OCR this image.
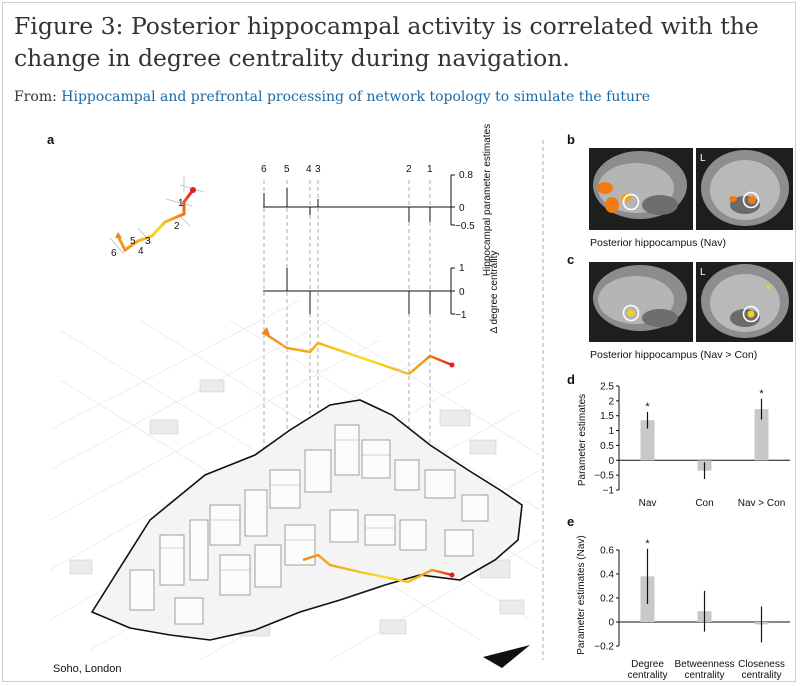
Figure 3: Posterior hippocampal activity is correlated with the change in degree centrality during navigation.
From: Hippocampal and prefrontal processing of network topology to simulate the future
a
1
2
3
4
5
6
6 5 4 3	2 1
0.8
0
−0.5 Hippocampal parameter estimates
1
0
−1 Δ degree centrality
Soho, London
b
L
Posterior hippocampus (Nav)
c
L
Posterior hippocampus (Nav > Con)
d	2.5
2
1.5
1
0.5
0
−0.5
−1
*
Nav	Con
*
Nav > Con
Parameter estimates
e
0.6
0.4
0.2
0
−0.2
*
Degree
centrality
Betweenness
centrality
Closeness
centrality
Parameter estimates (Nav)
